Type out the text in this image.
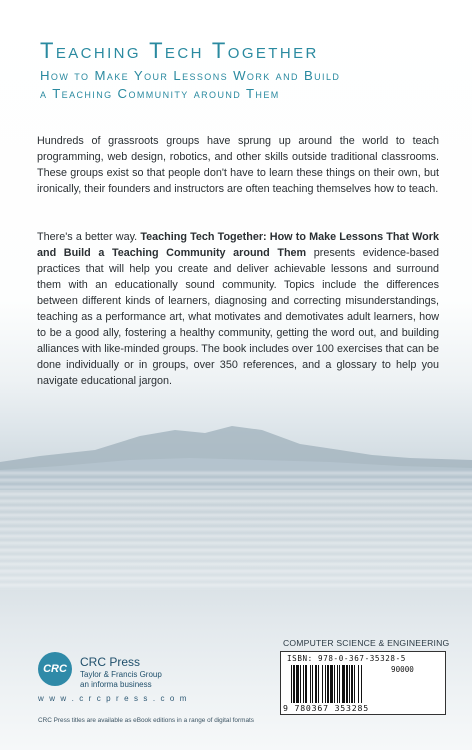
Teaching Tech Together

How to Make Your Lessons Work and Build

a Teaching Community around Them

Hundreds of grassroots groups have sprung up around the world to teach programming, web design, robotics, and other skills outside traditional classrooms. These groups exist so that people don't have to learn these things on their own, but ironically, their founders and instructors are often teaching themselves how to teach.

There's a better way. Teaching Tech Together: How to Make Lessons That Work and Build a Teaching Community around Them presents evidence-based practices that will help you create and deliver achievable lessons and surround them with an educationally sound community. Topics include the differences between different kinds of learners, diagnosing and correcting misunderstandings, teaching as a performance art, what motivates and demotivates adult learners, how to be a good ally, fostering a healthy community, getting the word out, and building alliances with like-minded groups. The book includes over 100 exercises that can be done individually or in groups, over 350 references, and a glossary to help you navigate educational jargon.

COMPUTER SCIENCE & ENGINEERING
ISBN: 978-0-367-35328-5
90000
9 780367 353285
CRC	CRC Press
Taylor & Francis Group
an informa business
w w w . c r c p r e s s . c o m
CRC Press titles are available as eBook editions in a range of digital formats
